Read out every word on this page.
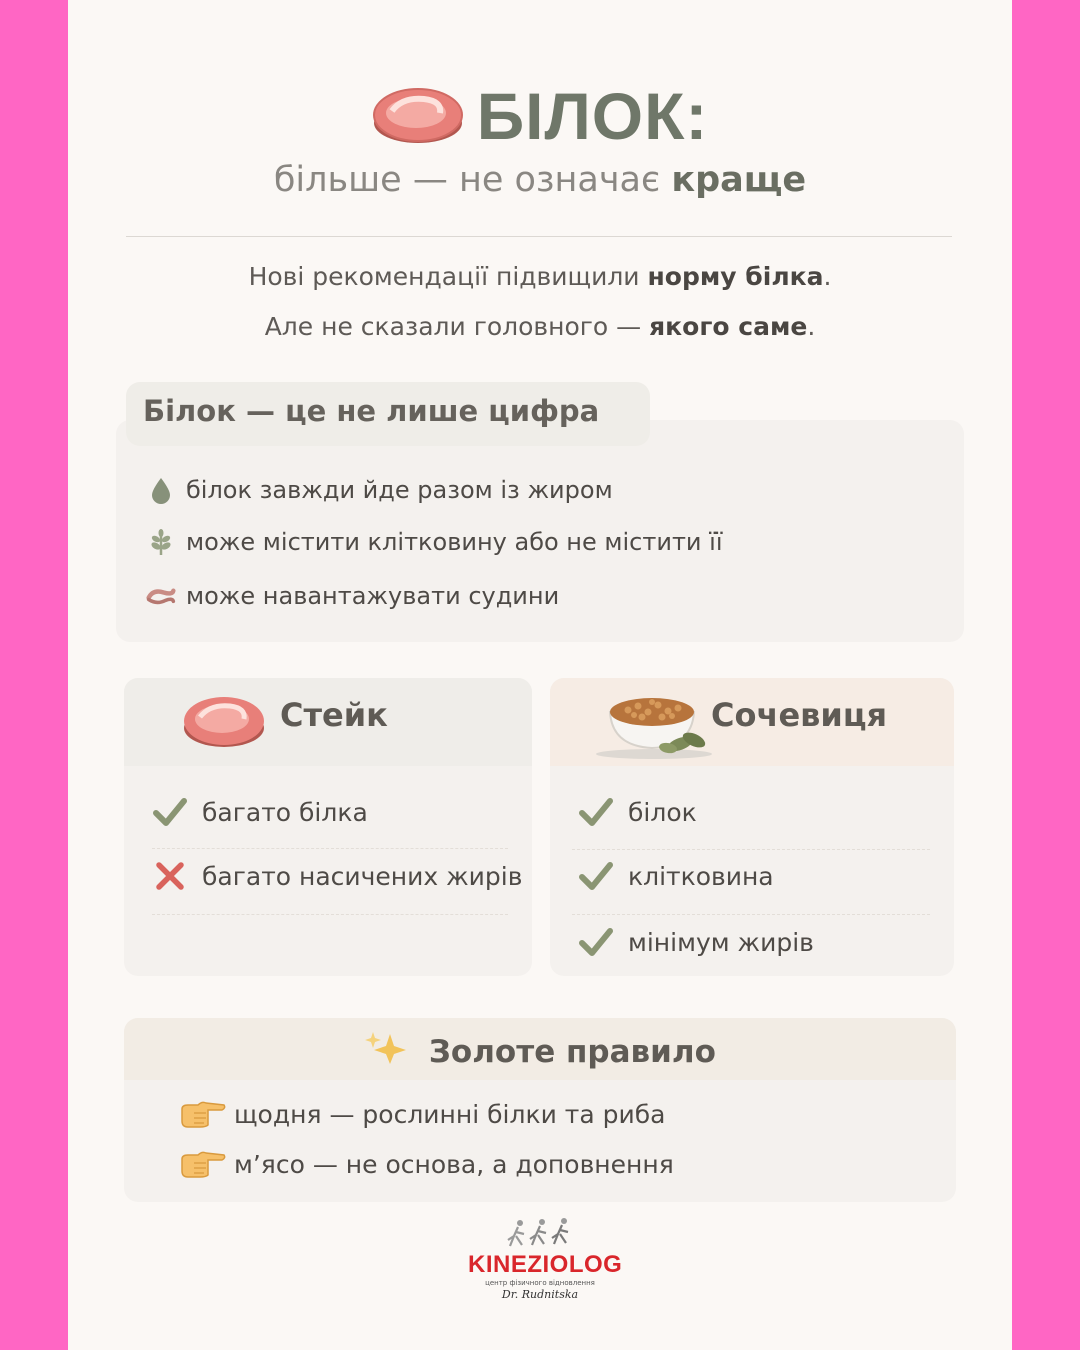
БІЛОК:
більше — не означає краще
Нові рекомендації підвищили норму білка.
Але не сказали головного — якого саме.
Білок — це не лише цифра
білок завжди йде разом із жиром
може містити клітковину або не містити її
може навантажувати судини
Стейк
багато білка
багато насичених жирів
Сочевиця
білок
клітковина
мінімум жирів
Золоте правило
щодня — рослинні білки та риба
м’ясо — не основа, а доповнення
KINEZIOLOG
центр фізичного відновлення
Dr. Rudnitska
